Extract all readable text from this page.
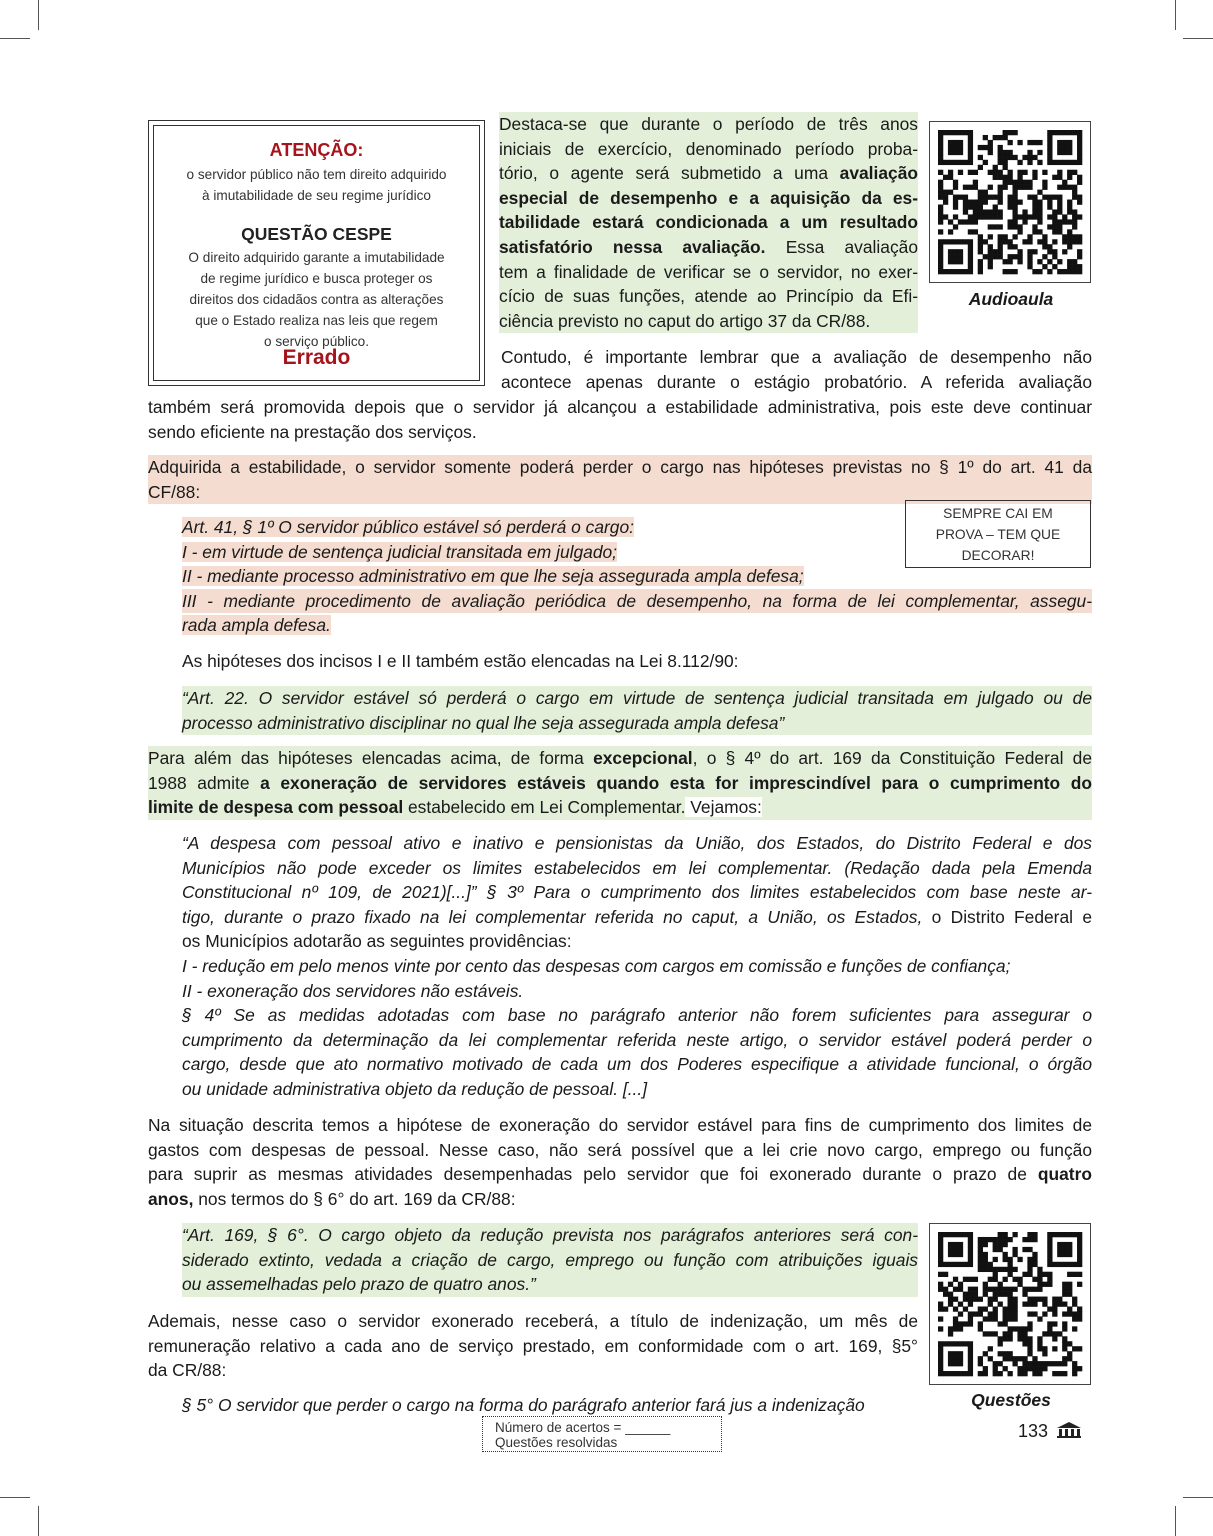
ATENÇÃO:
o servidor público não tem direito adquirido
à imutabilidade de seu regime jurídico
QUESTÃO CESPE
O direito adquirido garante a imutabilidade
de regime jurídico e busca proteger os
direitos dos cidadãos contra as alterações
que o Estado realiza nas leis que regem
o serviço público.
Errado
Audioaula
Questões
Destaca-se que durante o período de três anos
iniciais de exercício, denominado período proba-
tório, o agente será submetido a uma avaliação
especial de desempenho e a aquisição da es-
tabilidade estará condicionada a um resultado
satisfatório nessa avaliação. Essa avaliação
tem a finalidade de verificar se o servidor, no exer-
cício de suas funções, atende ao Princípio da Efi-
ciência previsto no caput do artigo 37 da CR/88.
Contudo, é importante lembrar que a avaliação de desempenho não
acontece apenas durante o estágio probatório. A referida avaliação
também será promovida depois que o servidor já alcançou a estabilidade administrativa, pois este deve continuar
sendo eficiente na prestação dos serviços.
Adquirida a estabilidade, o servidor somente poderá perder o cargo nas hipóteses previstas no § 1º do art. 41 da
CF/88:
SEMPRE CAI EM
PROVA – TEM QUE
DECORAR!
Art. 41, § 1º O servidor público estável só perderá o cargo:
I - em virtude de sentença judicial transitada em julgado;
II - mediante processo administrativo em que lhe seja assegurada ampla defesa;
III - mediante procedimento de avaliação periódica de desempenho, na forma de lei complementar, assegu-
rada ampla defesa.
As hipóteses dos incisos I e II também estão elencadas na Lei 8.112/90:
“Art. 22. O servidor estável só perderá o cargo em virtude de sentença judicial transitada em julgado ou de
processo administrativo disciplinar no qual lhe seja assegurada ampla defesa”
Para além das hipóteses elencadas acima, de forma excepcional, o § 4º do art. 169 da Constituição Federal de
1988 admite a exoneração de servidores estáveis quando esta for imprescindível para o cumprimento do
limite de despesa com pessoal estabelecido em Lei Complementar. Vejamos:
“A despesa com pessoal ativo e inativo e pensionistas da União, dos Estados, do Distrito Federal e dos
Municípios não pode exceder os limites estabelecidos em lei complementar. (Redação dada pela Emenda
Constitucional nº 109, de 2021)[...]” § 3º Para o cumprimento dos limites estabelecidos com base neste ar-
tigo, durante o prazo fixado na lei complementar referida no caput, a União, os Estados, o Distrito Federal e
os Municípios adotarão as seguintes providências:
I - redução em pelo menos vinte por cento das despesas com cargos em comissão e funções de confiança;
II - exoneração dos servidores não estáveis.
§ 4º Se as medidas adotadas com base no parágrafo anterior não forem suficientes para assegurar o
cumprimento da determinação da lei complementar referida neste artigo, o servidor estável poderá perder o
cargo, desde que ato normativo motivado de cada um dos Poderes especifique a atividade funcional, o órgão
ou unidade administrativa objeto da redução de pessoal. [...]
Na situação descrita temos a hipótese de exoneração do servidor estável para fins de cumprimento dos limites de
gastos com despesas de pessoal. Nesse caso, não será possível que a lei crie novo cargo, emprego ou função
para suprir as mesmas atividades desempenhadas pelo servidor que foi exonerado durante o prazo de quatro
anos, nos termos do § 6° do art. 169 da CR/88:
“Art. 169, § 6°. O cargo objeto da redução prevista nos parágrafos anteriores será con-
siderado extinto, vedada a criação de cargo, emprego ou função com atribuições iguais
ou assemelhadas pelo prazo de quatro anos.”
Ademais, nesse caso o servidor exonerado receberá, a título de indenização, um mês de
remuneração relativo a cada ano de serviço prestado, em conformidade com o art. 169, §5°
da CR/88:
§ 5° O servidor que perder o cargo na forma do parágrafo anterior fará jus a indenização
Número de acertos = ______
Questões resolvidas
133
